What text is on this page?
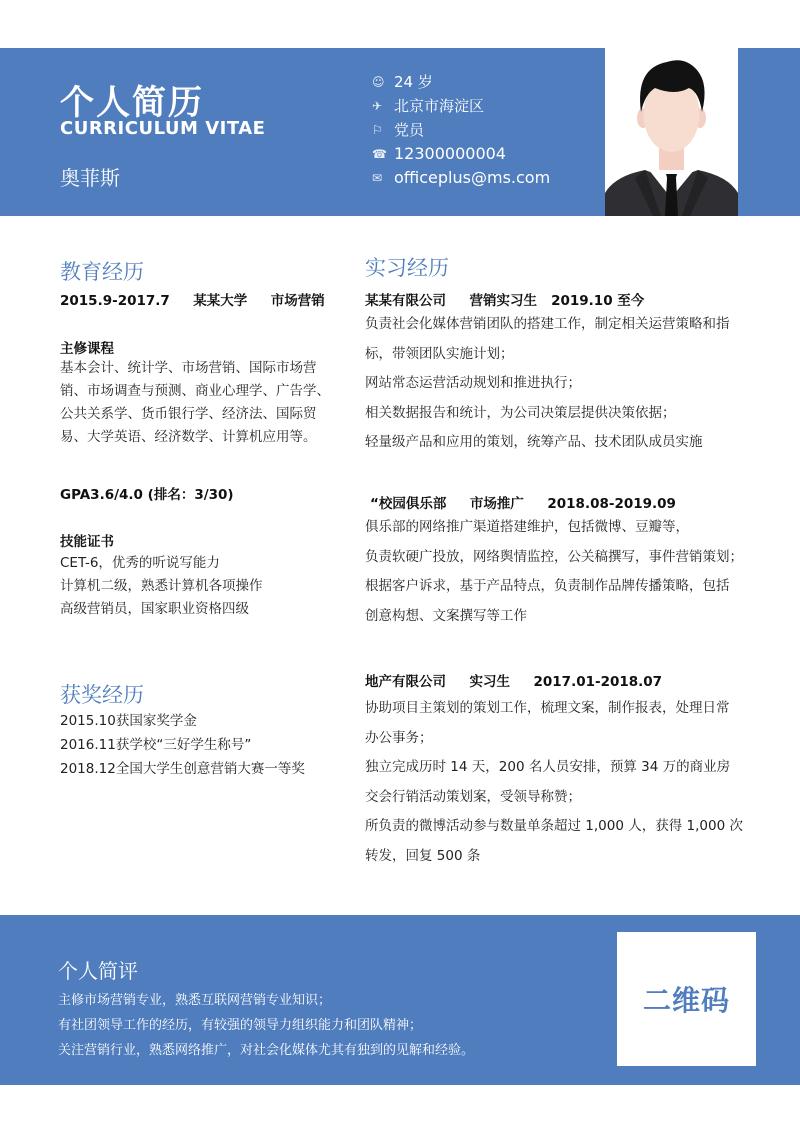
个人简历
CURRICULUM VITAE
奥菲斯
☺ 24 岁
✈ 北京市海淀区
⚐ 党员
☎ 12300000004
✉ officeplus@ms.com
教育经历
2015.9-2017.7     某某大学     市场营销
主修课程
基本会计、统计学、市场营销、国际市场营
销、市场调查与预测、商业心理学、广告学、
公共关系学、货币银行学、经济法、国际贸
易、大学英语、经济数学、计算机应用等。
GPA3.6/4.0 (排名：3/30)
技能证书
CET-6，优秀的听说写能力
计算机二级，熟悉计算机各项操作
高级营销员，国家职业资格四级
获奖经历
2015.10获国家奖学金
2016.11获学校“三好学生称号”
2018.12全国大学生创意营销大赛一等奖
实习经历
某某有限公司     营销实习生   2019.10 至今
负责社会化媒体营销团队的搭建工作，制定相关运营策略和指
标，带领团队实施计划；
网站常态运营活动规划和推进执行；
相关数据报告和统计，为公司决策层提供决策依据；
轻量级产品和应用的策划，统筹产品、技术团队成员实施
“校园俱乐部     市场推广     2018.08-2019.09
俱乐部的网络推广渠道搭建维护，包括微博、豆瓣等，
负责软硬广投放，网络舆情监控，公关稿撰写，事件营销策划；
根据客户诉求，基于产品特点，负责制作品牌传播策略，包括
创意构想、文案撰写等工作
地产有限公司     实习生     2017.01-2018.07
协助项目主策划的策划工作，梳理文案，制作报表，处理日常
办公事务；
独立完成历时 14 天，200 名人员安排，预算 34 万的商业房
交会行销活动策划案，受领导称赞；
所负责的微博活动参与数量单条超过 1,000 人，获得 1,000 次
转发，回复 500 条
个人简评
主修市场营销专业，熟悉互联网营销专业知识；
有社团领导工作的经历，有较强的领导力组织能力和团队精神；
关注营销行业，熟悉网络推广，对社会化媒体尤其有独到的见解和经验。
二维码
